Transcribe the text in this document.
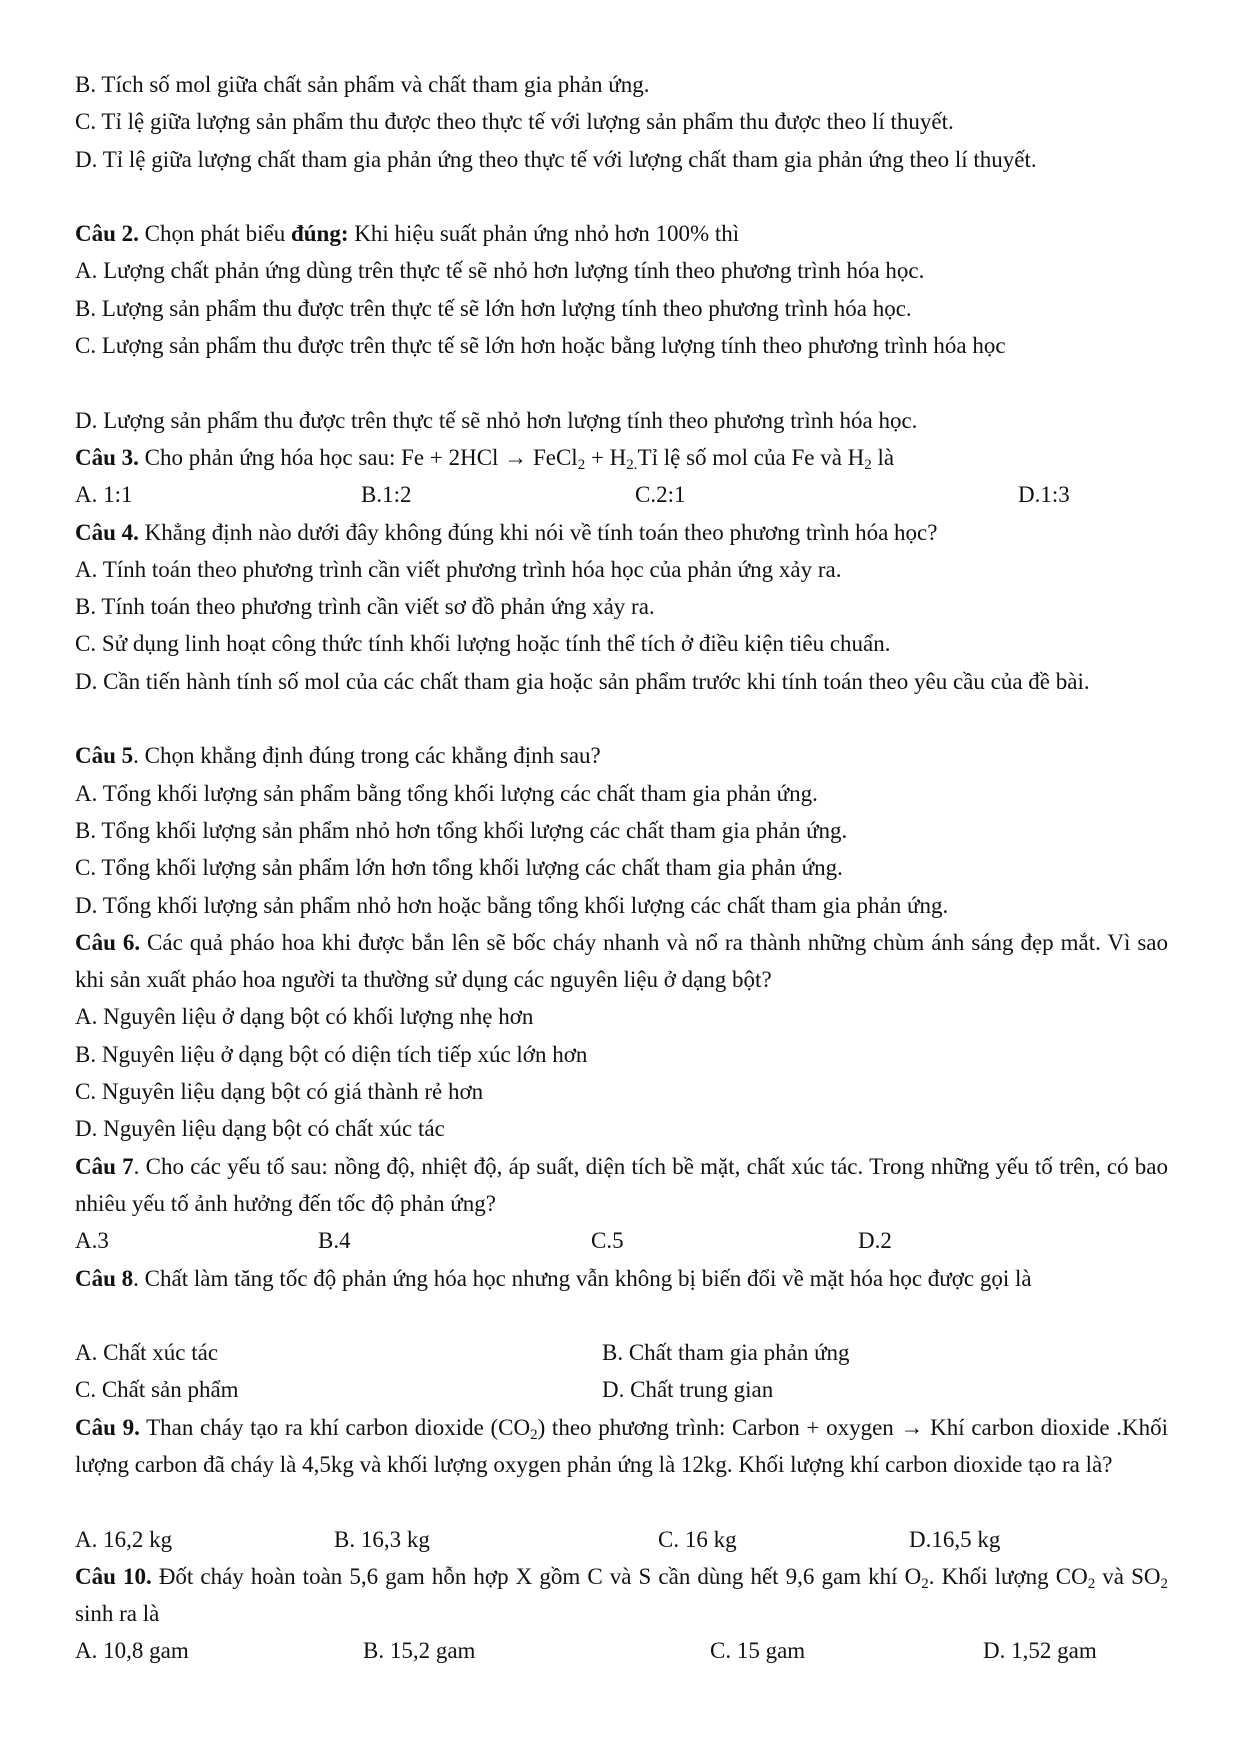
B. Tích số mol giữa chất sản phẩm và chất tham gia phản ứng.
C. Tỉ lệ giữa lượng sản phẩm thu được theo thực tế với lượng sản phẩm thu được theo lí thuyết.
D. Tỉ lệ giữa lượng chất tham gia phản ứng theo thực tế với lượng chất tham gia phản ứng theo lí thuyết.
Câu 2. Chọn phát biểu đúng: Khi hiệu suất phản ứng nhỏ hơn 100% thì
A. Lượng chất phản ứng dùng trên thực tế sẽ nhỏ hơn lượng tính theo phương trình hóa học.
B. Lượng sản phẩm thu được trên thực tế sẽ lớn hơn lượng tính theo phương trình hóa học.
C. Lượng sản phẩm thu được trên thực tế sẽ lớn hơn hoặc bằng lượng tính theo phương trình hóa học
D. Lượng sản phẩm thu được trên thực tế sẽ nhỏ hơn lượng tính theo phương trình hóa học.
Câu 3. Cho phản ứng hóa học sau: Fe + 2HCl → FeCl$_2$ + $H_{2.}Tỉ$ lệ số mol của Fe và $H_2$ là
A. 1:1	B.1:2	C.2:1	D.1:3
Câu 4. Khẳng định nào dưới đây không đúng khi nói về tính toán theo phương trình hóa học?
A. Tính toán theo phương trình cần viết phương trình hóa học của phản ứng xảy ra.
B. Tính toán theo phương trình cần viết sơ đồ phản ứng xảy ra.
C. Sử dụng linh hoạt công thức tính khối lượng hoặc tính thể tích ở điều kiện tiêu chuẩn.
D. Cần tiến hành tính số mol của các chất tham gia hoặc sản phẩm trước khi tính toán theo yêu cầu của đề bài.
Câu 5. Chọn khẳng định đúng trong các khẳng định sau?
A. Tổng khối lượng sản phẩm bằng tổng khối lượng các chất tham gia phản ứng.
B. Tổng khối lượng sản phẩm nhỏ hơn tổng khối lượng các chất tham gia phản ứng.
C. Tổng khối lượng sản phẩm lớn hơn tổng khối lượng các chất tham gia phản ứng.
D. Tổng khối lượng sản phẩm nhỏ hơn hoặc bằng tổng khối lượng các chất tham gia phản ứng.
Câu 6. Các quả pháo hoa khi được bắn lên sẽ bốc cháy nhanh và nổ ra thành những chùm ánh sáng đẹp mắt. Vì sao khi sản xuất pháo hoa người ta thường sử dụng các nguyên liệu ở dạng bột?
A. Nguyên liệu ở dạng bột có khối lượng nhẹ hơn
B. Nguyên liệu ở dạng bột có diện tích tiếp xúc lớn hơn
C. Nguyên liệu dạng bột có giá thành rẻ hơn
D. Nguyên liệu dạng bột có chất xúc tác
Câu 7. Cho các yếu tố sau: nồng độ, nhiệt độ, áp suất, diện tích bề mặt, chất xúc tác. Trong những yếu tố trên, có bao nhiêu yếu tố ảnh hưởng đến tốc độ phản ứng?
A.3	B.4	C.5	D.2
Câu 8. Chất làm tăng tốc độ phản ứng hóa học nhưng vẫn không bị biến đổi về mặt hóa học được gọi là
A. Chất xúc tác	B. Chất tham gia phản ứng
C. Chất sản phẩm	D. Chất trung gian
Câu 9. Than cháy tạo ra khí carbon dioxide $(CO_2)$ theo phương trình: Carbon + oxygen → Khí carbon dioxide .Khối lượng carbon đã cháy là 4,5kg và khối lượng oxygen phản ứng là 12kg. Khối lượng khí carbon dioxide tạo ra là?
A. 16,2 kg	B. 16,3 kg	C. 16 kg	D.16,5 kg
Câu 10. Đốt cháy hoàn toàn 5,6 gam hỗn hợp X gồm C và S cần dùng hết 9,6 gam khí $O_2$. Khối lượng $CO_2$ và $SO_2$ sinh ra là
A. 10,8 gam	B. 15,2 gam	C. 15 gam	D. 1,52 gam
